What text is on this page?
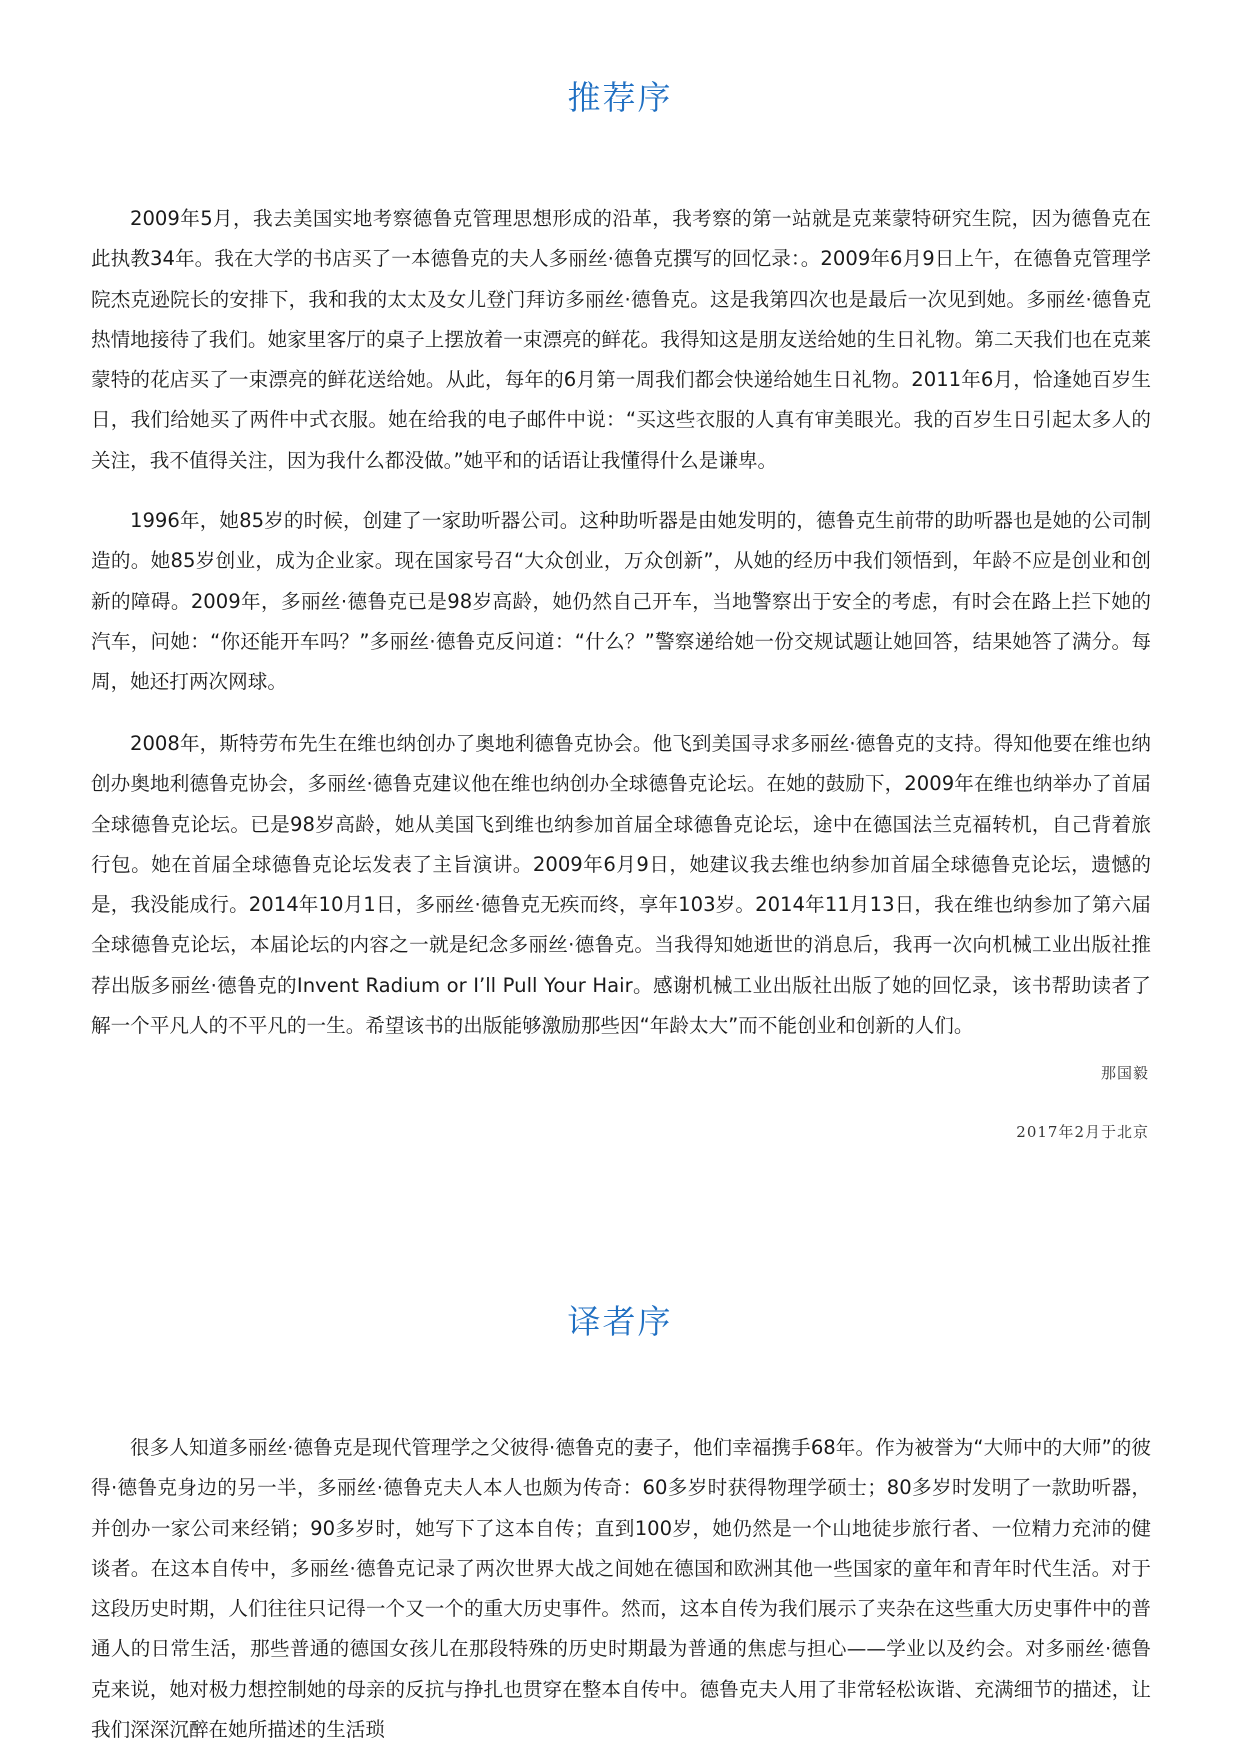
推荐序

2009年5月，我去美国实地考察德鲁克管理思想形成的沿革，我考察的第一站就是克莱蒙特研究生院，因为德鲁克在此执教34年。我在大学的书店买了一本德鲁克的夫人多丽丝·德鲁克撰写的回忆录：。2009年6月9日上午，在德鲁克管理学院杰克逊院长的安排下，我和我的太太及女儿登门拜访多丽丝·德鲁克。这是我第四次也是最后一次见到她。多丽丝·德鲁克热情地接待了我们。她家里客厅的桌子上摆放着一束漂亮的鲜花。我得知这是朋友送给她的生日礼物。第二天我们也在克莱蒙特的花店买了一束漂亮的鲜花送给她。从此，每年的6月第一周我们都会快递给她生日礼物。2011年6月，恰逢她百岁生日，我们给她买了两件中式衣服。她在给我的电子邮件中说：“买这些衣服的人真有审美眼光。我的百岁生日引起太多人的关注，我不值得关注，因为我什么都没做。”她平和的话语让我懂得什么是谦卑。

1996年，她85岁的时候，创建了一家助听器公司。这种助听器是由她发明的，德鲁克生前带的助听器也是她的公司制造的。她85岁创业，成为企业家。现在国家号召“大众创业，万众创新”，从她的经历中我们领悟到，年龄不应是创业和创新的障碍。2009年，多丽丝·德鲁克已是98岁高龄，她仍然自己开车，当地警察出于安全的考虑，有时会在路上拦下她的汽车，问她：“你还能开车吗？”多丽丝·德鲁克反问道：“什么？”警察递给她一份交规试题让她回答，结果她答了满分。每周，她还打两次网球。

2008年，斯特劳布先生在维也纳创办了奥地利德鲁克协会。他飞到美国寻求多丽丝·德鲁克的支持。得知他要在维也纳创办奥地利德鲁克协会，多丽丝·德鲁克建议他在维也纳创办全球德鲁克论坛。在她的鼓励下，2009年在维也纳举办了首届全球德鲁克论坛。已是98岁高龄，她从美国飞到维也纳参加首届全球德鲁克论坛，途中在德国法兰克福转机，自己背着旅行包。她在首届全球德鲁克论坛发表了主旨演讲。2009年6月9日，她建议我去维也纳参加首届全球德鲁克论坛，遗憾的是，我没能成行。2014年10月1日，多丽丝·德鲁克无疾而终，享年103岁。2014年11月13日，我在维也纳参加了第六届全球德鲁克论坛，本届论坛的内容之一就是纪念多丽丝·德鲁克。当我得知她逝世的消息后，我再一次向机械工业出版社推荐出版多丽丝·德鲁克的Invent Radium or I’ll Pull Your Hair。感谢机械工业出版社出版了她的回忆录，该书帮助读者了解一个平凡人的不平凡的一生。希望该书的出版能够激励那些因“年龄太大”而不能创业和创新的人们。

那国毅

2017年2月于北京

译者序

很多人知道多丽丝·德鲁克是现代管理学之父彼得·德鲁克的妻子，他们幸福携手68年。作为被誉为“大师中的大师”的彼得·德鲁克身边的另一半，多丽丝·德鲁克夫人本人也颇为传奇：60多岁时获得物理学硕士；80多岁时发明了一款助听器，并创办一家公司来经销；90多岁时，她写下了这本自传；直到100岁，她仍然是一个山地徒步旅行者、一位精力充沛的健谈者。在这本自传中，多丽丝·德鲁克记录了两次世界大战之间她在德国和欧洲其他一些国家的童年和青年时代生活。对于这段历史时期，人们往往只记得一个又一个的重大历史事件。然而，这本自传为我们展示了夹杂在这些重大历史事件中的普通人的日常生活，那些普通的德国女孩儿在那段特殊的历史时期最为普通的焦虑与担心——学业以及约会。对多丽丝·德鲁克来说，她对极力想控制她的母亲的反抗与挣扎也贯穿在整本自传中。德鲁克夫人用了非常轻松诙谐、充满细节的描述，让我们深深沉醉在她所描述的生活琐
